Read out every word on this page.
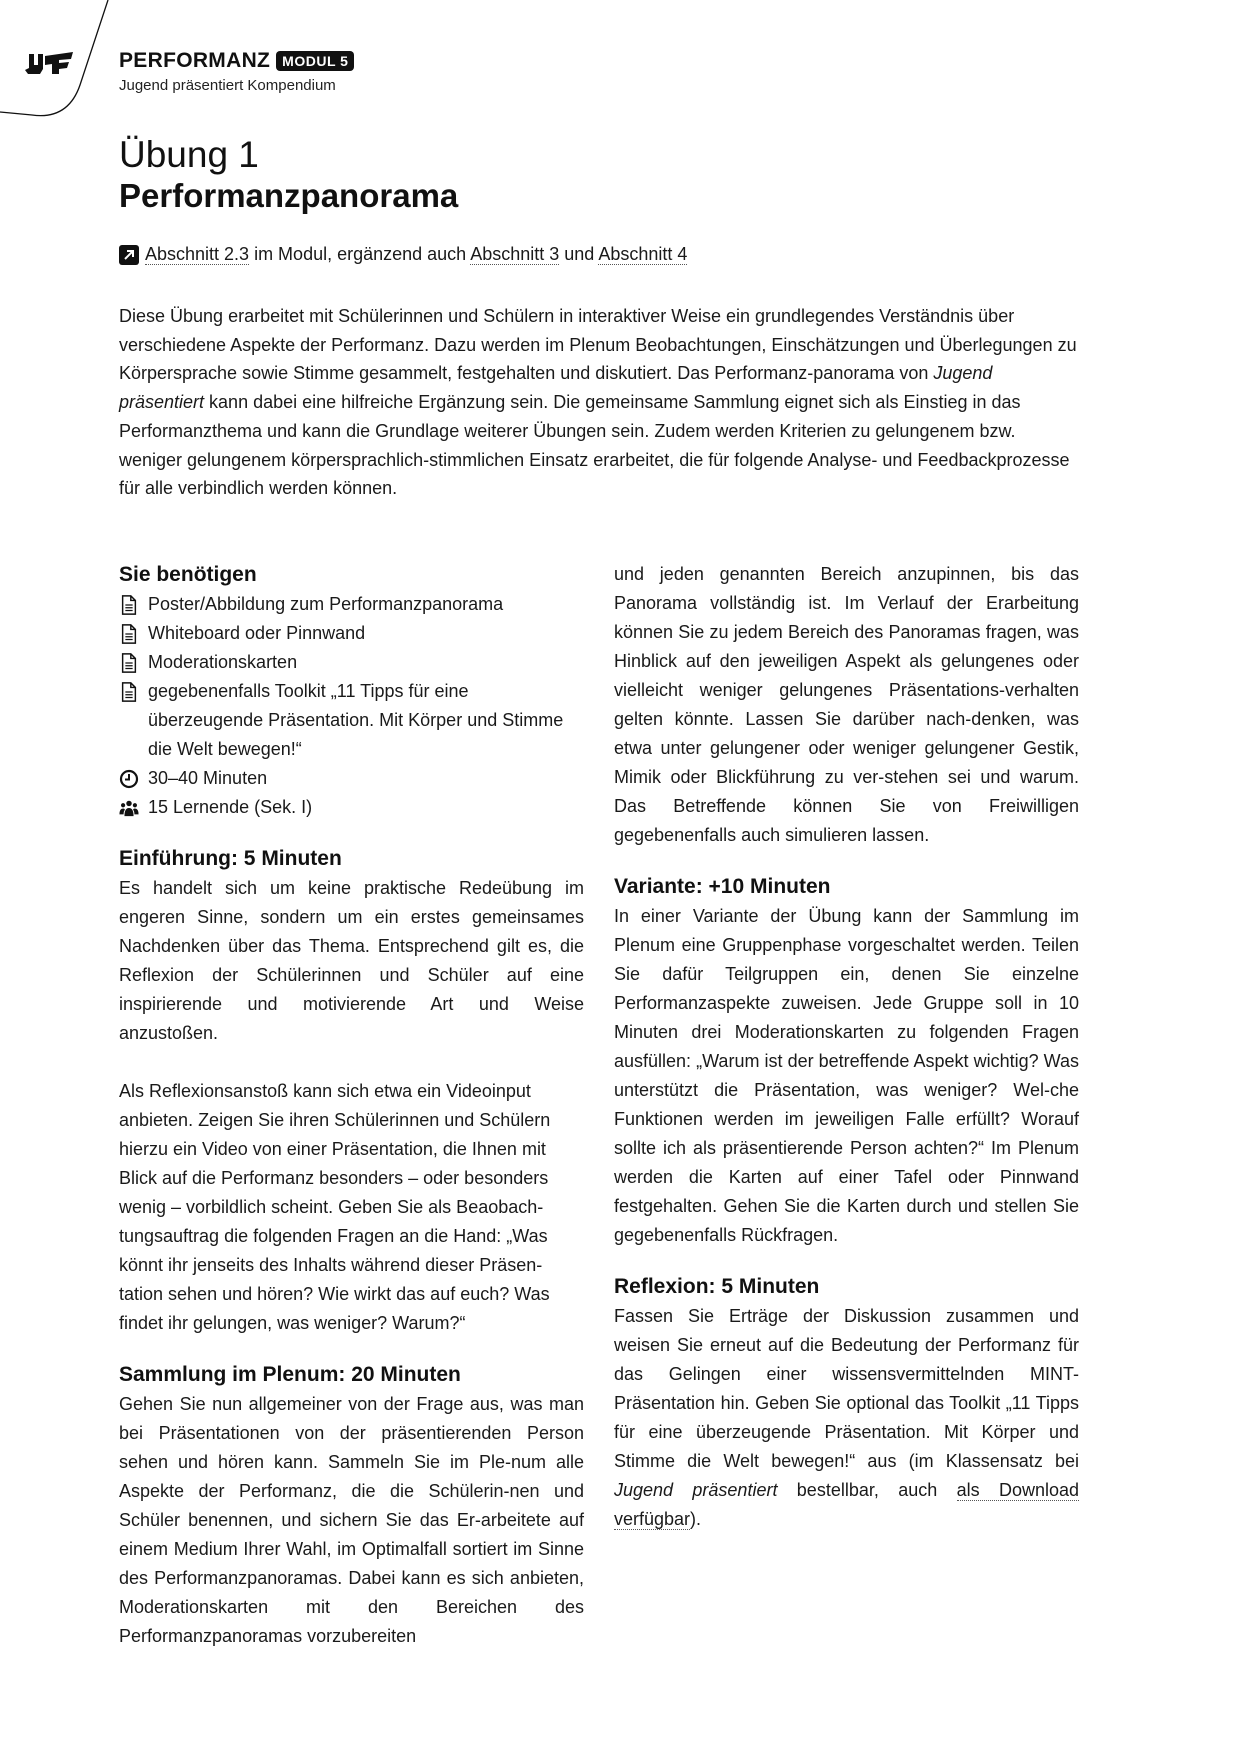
PERFORMANZ MODUL 5
Jugend präsentiert Kompendium
Übung 1
Performanzpanorama
Abschnitt 2.3 im Modul, ergänzend auch Abschnitt 3 und Abschnitt 4
Diese Übung erarbeitet mit Schülerinnen und Schülern in interaktiver Weise ein grundlegendes Verständnis über verschiedene Aspekte der Performanz. Dazu werden im Plenum Beobachtungen, Einschätzungen und Überlegungen zu Körpersprache sowie Stimme gesammelt, festgehalten und diskutiert. Das Performanz-panorama von Jugend präsentiert kann dabei eine hilfreiche Ergänzung sein. Die gemeinsame Sammlung eignet sich als Einstieg in das Performanzthema und kann die Grundlage weiterer Übungen sein. Zudem werden Kriterien zu gelungenem bzw. weniger gelungenem körpersprachlich-stimmlichen Einsatz erarbeitet, die für folgende Analyse- und Feedbackprozesse für alle verbindlich werden können.
Sie benötigen
Poster/Abbildung zum Performanzpanorama
Whiteboard oder Pinnwand
Moderationskarten
gegebenenfalls Toolkit „11 Tipps für eine überzeugende Präsentation. Mit Körper und Stimme die Welt bewegen!“
30–40 Minuten
15 Lernende (Sek. I)
Einführung: 5 Minuten

Es handelt sich um keine praktische Redeübung im engeren Sinne, sondern um ein erstes gemeinsames Nachdenken über das Thema. Entsprechend gilt es, die Reflexion der Schülerinnen und Schüler auf eine inspirierende und motivierende Art und Weise anzustoßen.

Als Reflexionsanstoß kann sich etwa ein Videoinput anbieten. Zeigen Sie ihren Schülerinnen und Schülern hierzu ein Video von einer Präsentation, die Ihnen mit Blick auf die Performanz besonders – oder besonders wenig – vorbildlich scheint. Geben Sie als Beaobach-tungsauftrag die folgenden Fragen an die Hand: „Was könnt ihr jenseits des Inhalts während dieser Präsen-tation sehen und hören? Wie wirkt das auf euch? Was findet ihr gelungen, was weniger? Warum?“

Sammlung im Plenum: 20 Minuten

Gehen Sie nun allgemeiner von der Frage aus, was man bei Präsentationen von der präsentierenden Person sehen und hören kann. Sammeln Sie im Ple-num alle Aspekte der Performanz, die die Schülerin-nen und Schüler benennen, und sichern Sie das Er-arbeitete auf einem Medium Ihrer Wahl, im Optimalfall sortiert im Sinne des Performanzpanoramas. Dabei kann es sich anbieten, Moderationskarten mit den Bereichen des Performanzpanoramas vorzubereiten

und jeden genannten Bereich anzupinnen, bis das Panorama vollständig ist. Im Verlauf der Erarbeitung können Sie zu jedem Bereich des Panoramas fragen, was Hinblick auf den jeweiligen Aspekt als gelungenes oder vielleicht weniger gelungenes Präsentations-verhalten gelten könnte. Lassen Sie darüber nach-denken, was etwa unter gelungener oder weniger gelungener Gestik, Mimik oder Blickführung zu ver-stehen sei und warum. Das Betreffende können Sie von Freiwilligen gegebenenfalls auch simulieren lassen.

Variante: +10 Minuten

In einer Variante der Übung kann der Sammlung im Plenum eine Gruppenphase vorgeschaltet werden. Teilen Sie dafür Teilgruppen ein, denen Sie einzelne Performanzaspekte zuweisen. Jede Gruppe soll in 10 Minuten drei Moderationskarten zu folgenden Fragen ausfüllen: „Warum ist der betreffende Aspekt wichtig? Was unterstützt die Präsentation, was weniger? Wel-che Funktionen werden im jeweiligen Falle erfüllt? Worauf sollte ich als präsentierende Person achten?“ Im Plenum werden die Karten auf einer Tafel oder Pinnwand festgehalten. Gehen Sie die Karten durch und stellen Sie gegebenenfalls Rückfragen.

Reflexion: 5 Minuten

Fassen Sie Erträge der Diskussion zusammen und weisen Sie erneut auf die Bedeutung der Performanz für das Gelingen einer wissensvermittelnden MINT-Präsentation hin. Geben Sie optional das Toolkit „11 Tipps für eine überzeugende Präsentation. Mit Körper und Stimme die Welt bewegen!“ aus (im Klassensatz bei Jugend präsentiert bestellbar, auch als Download verfügbar).
